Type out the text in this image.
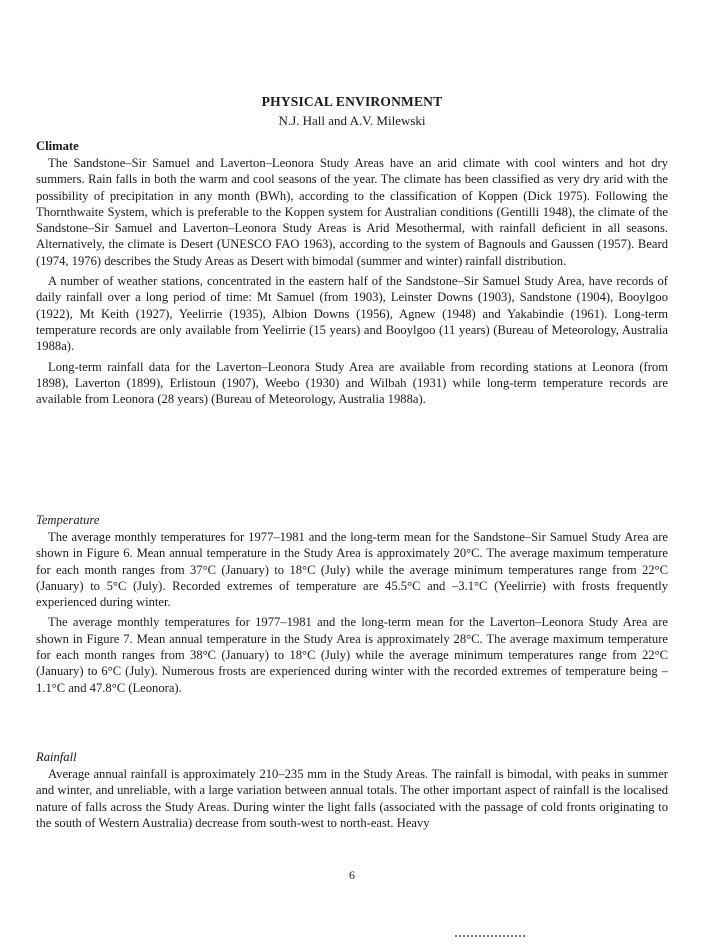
PHYSICAL ENVIRONMENT
N.J. Hall and A.V. Milewski

Climate

The Sandstone–Sir Samuel and Laverton–Leonora Study Areas have an arid climate with cool winters and hot dry summers. Rain falls in both the warm and cool seasons of the year. The climate has been classified as very dry arid with the possibility of precipitation in any month (BWh), according to the classification of Koppen (Dick 1975). Following the Thornthwaite System, which is preferable to the Koppen system for Australian conditions (Gentilli 1948), the climate of the Sandstone–Sir Samuel and Laverton–Leonora Study Areas is Arid Mesothermal, with rainfall deficient in all seasons. Alternatively, the climate is Desert (UNESCO FAO 1963), according to the system of Bagnouls and Gaussen (1957). Beard (1974, 1976) describes the Study Areas as Desert with bimodal (summer and winter) rainfall distribution.

A number of weather stations, concentrated in the eastern half of the Sandstone–Sir Samuel Study Area, have records of daily rainfall over a long period of time: Mt Samuel (from 1903), Leinster Downs (1903), Sandstone (1904), Booylgoo (1922), Mt Keith (1927), Yeelirrie (1935), Albion Downs (1956), Agnew (1948) and Yakabindie (1961). Long-term temperature records are only available from Yeelirrie (15 years) and Booylgoo (11 years) (Bureau of Meteorology, Australia 1988a).

Long-term rainfall data for the Laverton–Leonora Study Area are available from recording stations at Leonora (from 1898), Laverton (1899), Erlistoun (1907), Weebo (1930) and Wilbah (1931) while long-term temperature records are available from Leonora (28 years) (Bureau of Meteorology, Australia 1988a).

Temperature

The average monthly temperatures for 1977–1981 and the long-term mean for the Sandstone–Sir Samuel Study Area are shown in Figure 6. Mean annual temperature in the Study Area is approximately 20°C. The average maximum temperature for each month ranges from 37°C (January) to 18°C (July) while the average minimum temperatures range from 22°C (January) to 5°C (July). Recorded extremes of temperature are 45.5°C and –3.1°C (Yeelirrie) with frosts frequently experienced during winter.

The average monthly temperatures for 1977–1981 and the long-term mean for the Laverton–Leonora Study Area are shown in Figure 7. Mean annual temperature in the Study Area is approximately 28°C. The average maximum temperature for each month ranges from 38°C (January) to 18°C (July) while the average minimum temperatures range from 22°C (January) to 6°C (July). Numerous frosts are experienced during winter with the recorded extremes of temperature being –1.1°C and 47.8°C (Leonora).

Rainfall

Average annual rainfall is approximately 210–235 mm in the Study Areas. The rainfall is bimodal, with peaks in summer and winter, and unreliable, with a large variation between annual totals. The other important aspect of rainfall is the localised nature of falls across the Study Areas. During winter the light falls (associated with the passage of cold fronts originating to the south of Western Australia) decrease from south-west to north-east. Heavy

6
